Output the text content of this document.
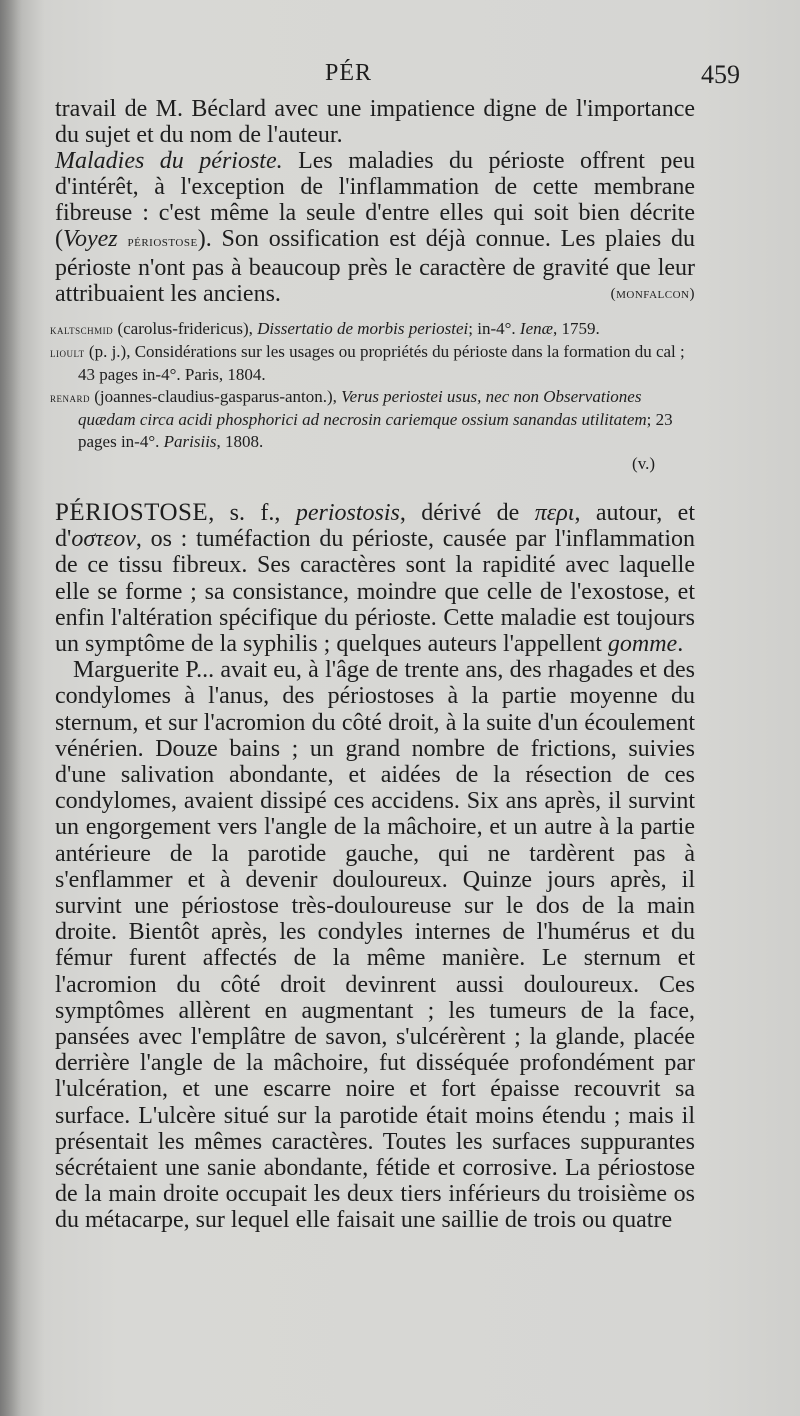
PÉR	459

travail de M. Béclard avec une impatience digne de l'importance du sujet et du nom de l'auteur.

Maladies du périoste. Les maladies du périoste offrent peu d'intérêt, à l'exception de l'inflammation de cette membrane fibreuse : c'est même la seule d'entre elles qui soit bien décrite (Voyez périostose). Son ossification est déjà connue. Les plaies du périoste n'ont pas à beaucoup près le caractère de gravité que leur attribuaient les anciens.	(monfalcon)

kaltschmid (carolus-fridericus), Dissertatio de morbis periostei; in-4°. Ienæ, 1759.

lioult (p. j.), Considérations sur les usages ou propriétés du périoste dans la formation du cal ; 43 pages in-4°. Paris, 1804.

renard (joannes-claudius-gasparus-anton.), Verus periostei usus, nec non Observationes quædam circa acidi phosphorici ad necrosin cariemque ossium sanandas utilitatem; 23 pages in-4°. Parisiis, 1808.

(v.)

PÉRIOSTOSE, s. f., periostosis, dérivé de περι, autour, et d'οστεον, os : tuméfaction du périoste, causée par l'inflammation de ce tissu fibreux. Ses caractères sont la rapidité avec laquelle elle se forme ; sa consistance, moindre que celle de l'exostose, et enfin l'altération spécifique du périoste. Cette maladie est toujours un symptôme de la syphilis ; quelques auteurs l'appellent gomme.

Marguerite P... avait eu, à l'âge de trente ans, des rhagades et des condylomes à l'anus, des périostoses à la partie moyenne du sternum, et sur l'acromion du côté droit, à la suite d'un écoulement vénérien. Douze bains ; un grand nombre de frictions, suivies d'une salivation abondante, et aidées de la résection de ces condylomes, avaient dissipé ces accidens. Six ans après, il survint un engorgement vers l'angle de la mâchoire, et un autre à la partie antérieure de la parotide gauche, qui ne tardèrent pas à s'enflammer et à devenir douloureux. Quinze jours après, il survint une périostose très-douloureuse sur le dos de la main droite. Bientôt après, les condyles internes de l'humérus et du fémur furent affectés de la même manière. Le sternum et l'acromion du côté droit devinrent aussi douloureux. Ces symptômes allèrent en augmentant ; les tumeurs de la face, pansées avec l'emplâtre de savon, s'ulcérèrent ; la glande, placée derrière l'angle de la mâchoire, fut disséquée profondément par l'ulcération, et une escarre noire et fort épaisse recouvrit sa surface. L'ulcère situé sur la parotide était moins étendu ; mais il présentait les mêmes caractères. Toutes les surfaces suppurantes sécrétaient une sanie abondante, fétide et corrosive. La périostose de la main droite occupait les deux tiers inférieurs du troisième os du métacarpe, sur lequel elle faisait une saillie de trois ou quatre
